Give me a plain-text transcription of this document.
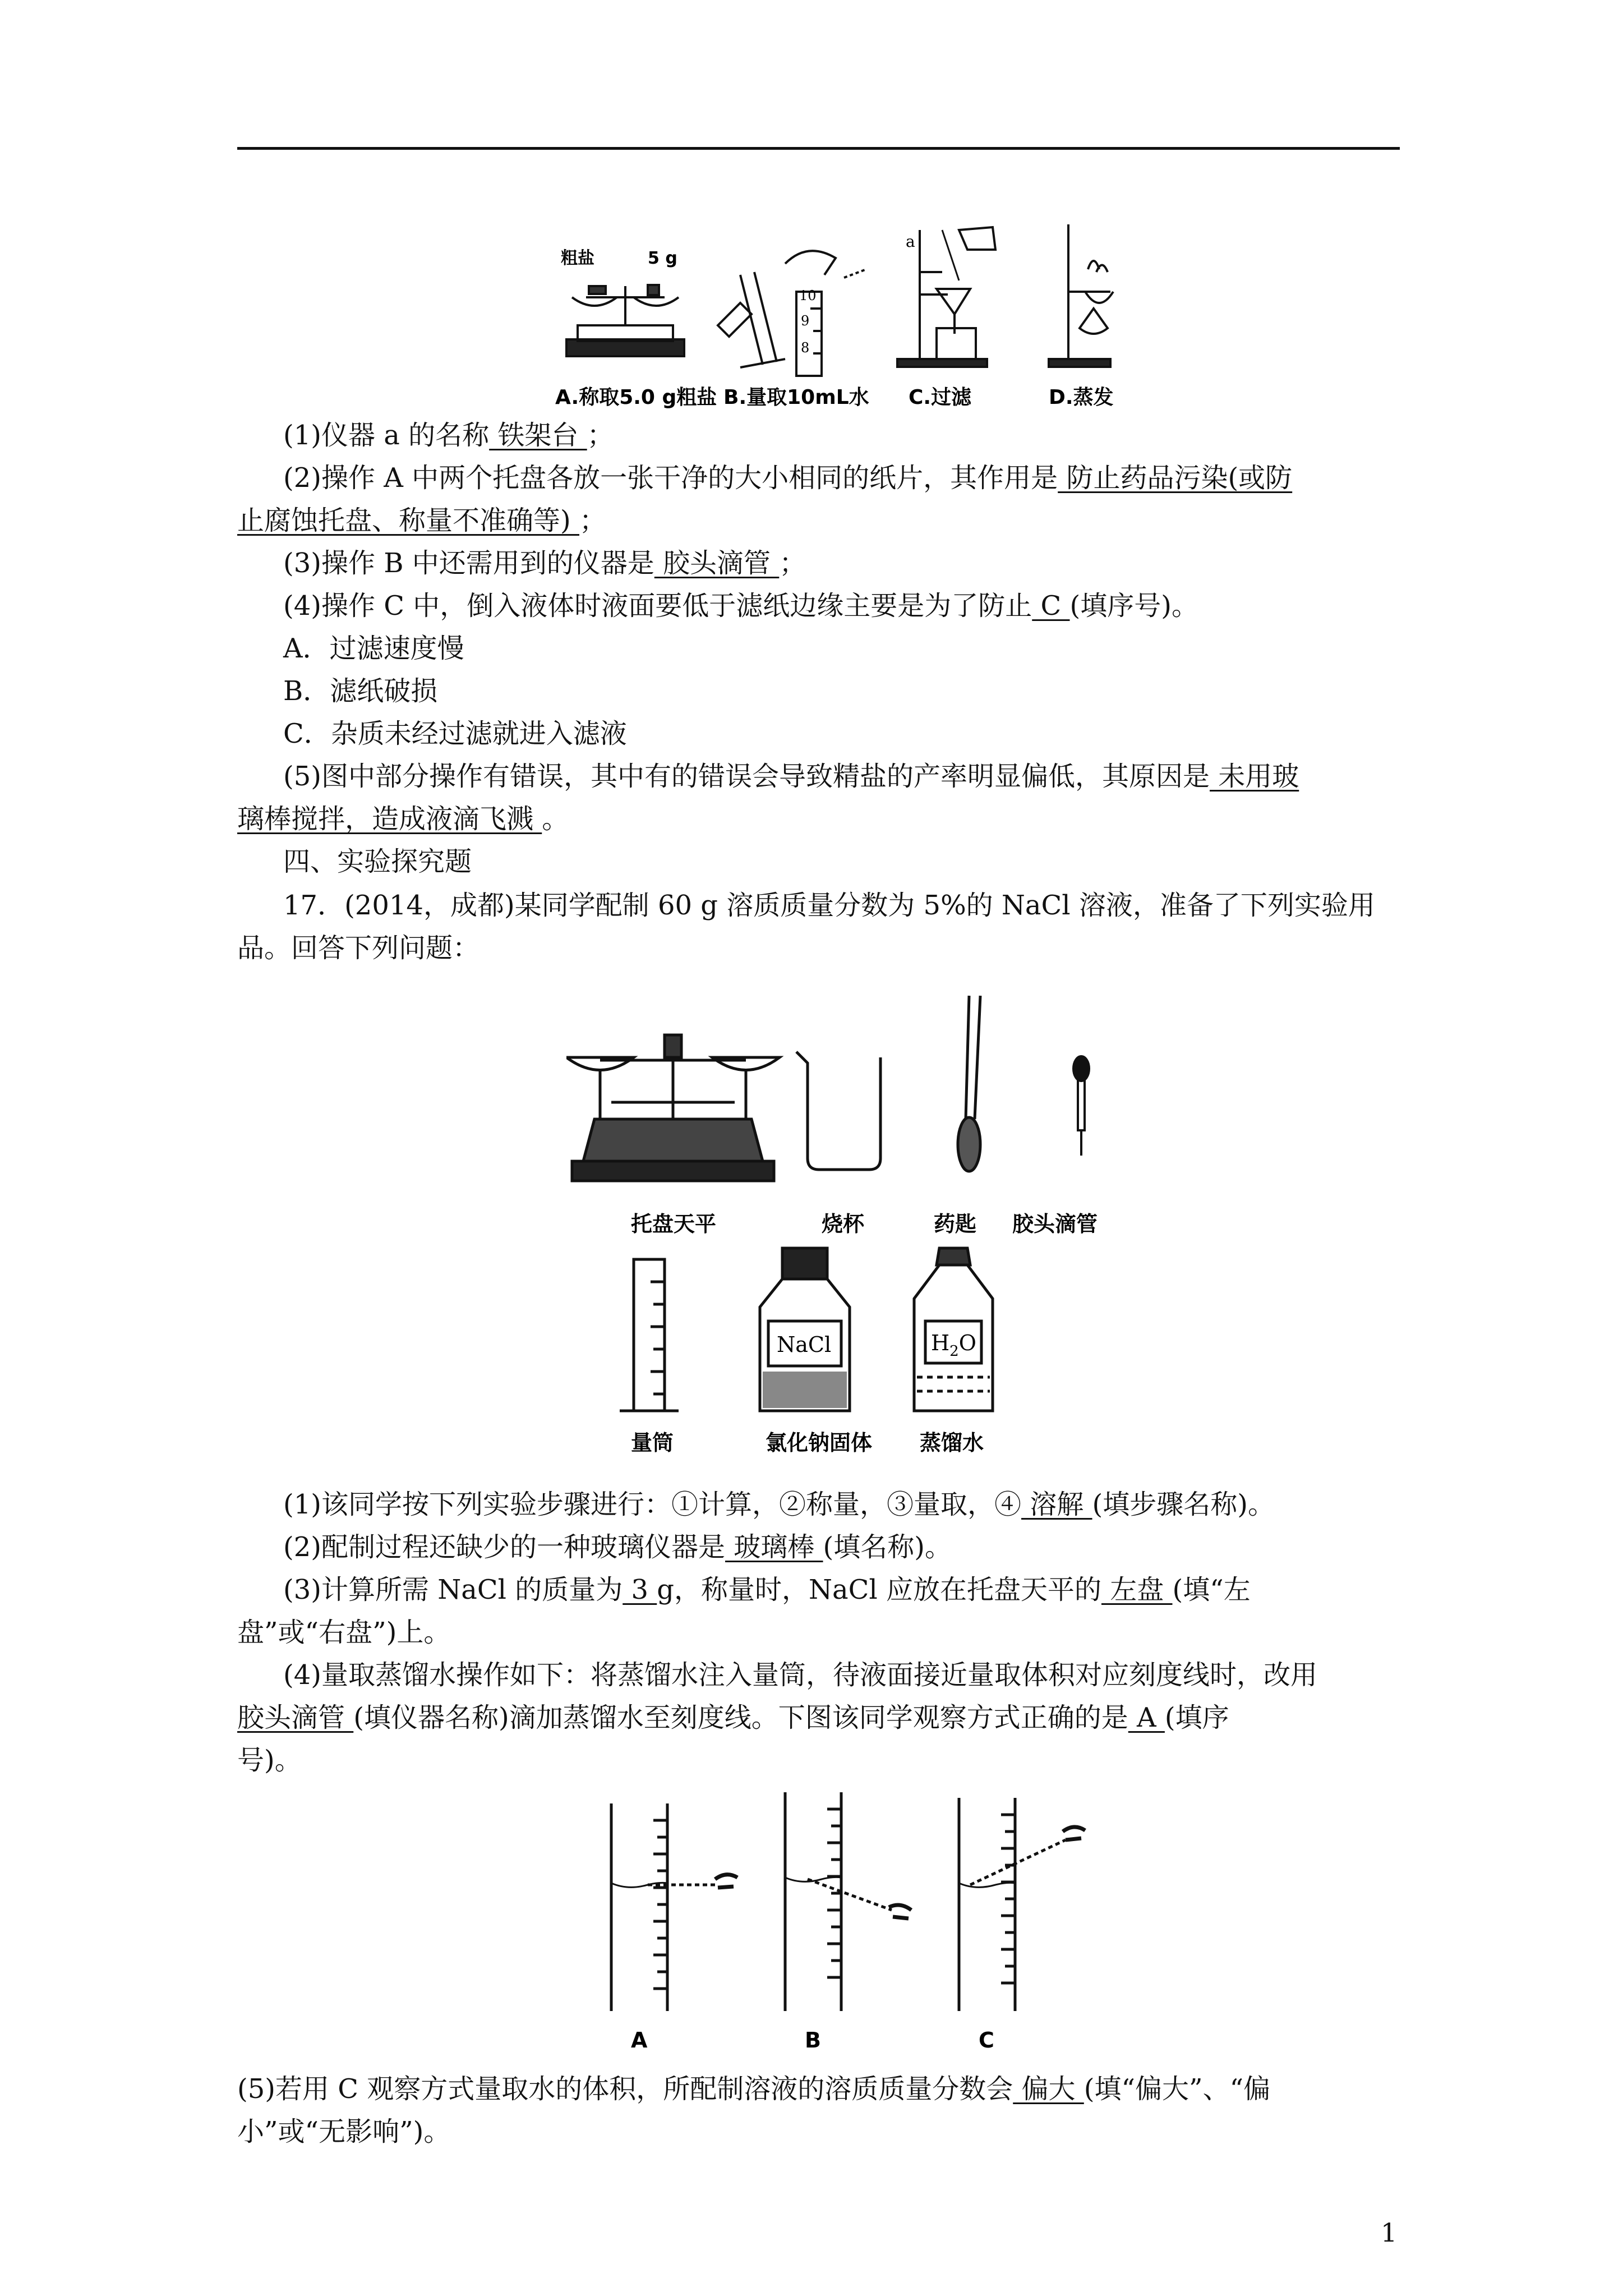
粗盐	5 g
10
9
8
a
A.称取5.0 g粗盐 B.量取10mL水 C.过滤	D.蒸发
(1)仪器 a 的名称 铁架台 ；
(2)操作 A 中两个托盘各放一张干净的大小相同的纸片，其作用是 防止药品污染(或防
止腐蚀托盘、称量不准确等) ；
(3)操作 B 中还需用到的仪器是 胶头滴管 ；
(4)操作 C 中，倒入液体时液面要低于滤纸边缘主要是为了防止 C (填序号)。
A．过滤速度慢
B．滤纸破损
C．杂质未经过滤就进入滤液
(5)图中部分操作有错误，其中有的错误会导致精盐的产率明显偏低，其原因是 未用玻
璃棒搅拌，造成液滴飞溅 。
四、实验探究题
17．(2014，成都)某同学配制 60 g 溶质质量分数为 5%的 NaCl 溶液，准备了下列实验用
品。回答下列问题：
托盘天平	烧杯	药匙 胶头滴管
NaCl	$H_2O$
量筒	氯化钠固体 蒸馏水
(1)该同学按下列实验步骤进行：①计算，②称量，③量取，④ 溶解 (填步骤名称)。
(2)配制过程还缺少的一种玻璃仪器是 玻璃棒 (填名称)。
(3)计算所需 NaCl 的质量为 3 g，称量时，NaCl 应放在托盘天平的 左盘 (填“左
盘”或“右盘”)上。
(4)量取蒸馏水操作如下：将蒸馏水注入量筒，待液面接近量取体积对应刻度线时，改用
胶头滴管 (填仪器名称)滴加蒸馏水至刻度线。下图该同学观察方式正确的是 A (填序
号)。
A	B	C
(5)若用 C 观察方式量取水的体积，所配制溶液的溶质质量分数会 偏大 (填“偏大”、“偏
小”或“无影响”)。
1
